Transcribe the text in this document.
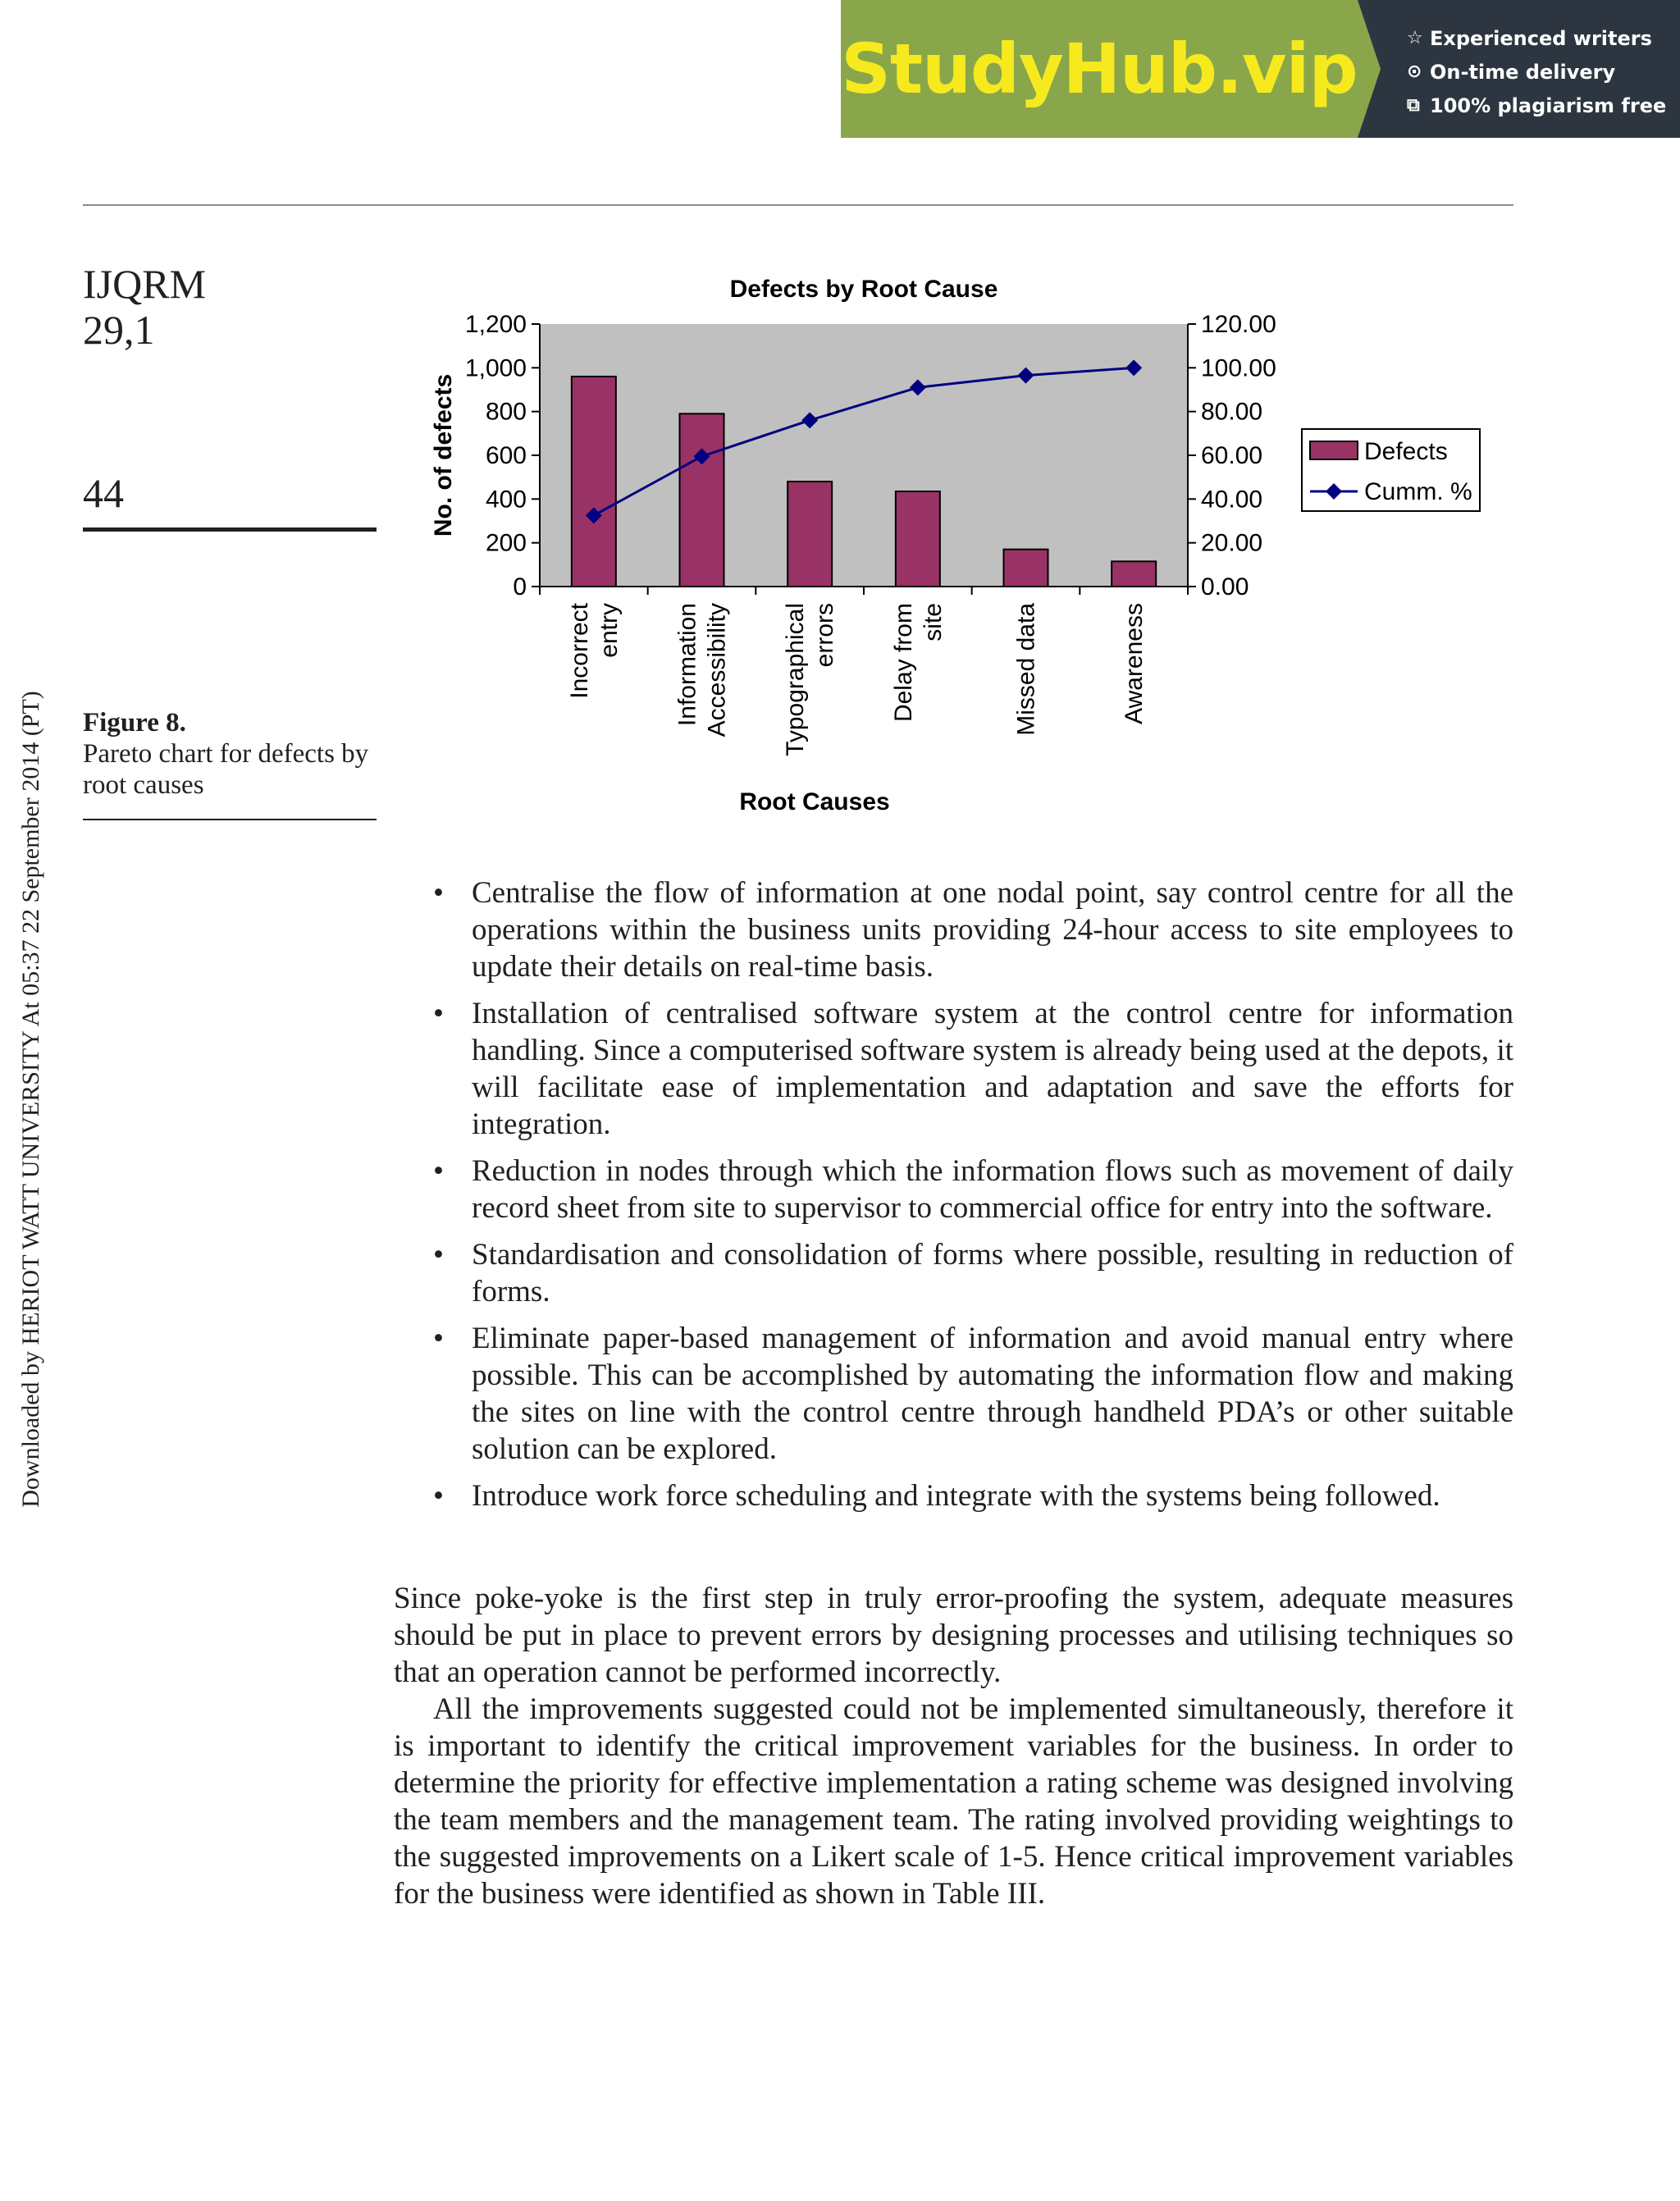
StudyHub.vip	☆ Experienced writers
⊙ On-time delivery
⧉ 100% plagiarism free
IJQRM
29,1
44
Figure 8.
Pareto chart for defects by root causes
Downloaded by HERIOT WATT UNIVERSITY At 05:37 22 September 2014 (PT)
Defects by Root Cause
0
200
400
600
800
1,000
1,200
0.00
20.00
40.00
60.00
80.00
100.00
120.00
Incorrect entry Information Accessibility Typographical errors Delay from site	Missed data	Awareness
No. of defects
Root Causes
Defects
Cumm. %
• Centralise the flow of information at one nodal point, say control centre for all the operations within the business units providing 24-hour access to site employees to update their details on real-time basis.
• Installation of centralised software system at the control centre for information handling. Since a computerised software system is already being used at the depots, it will facilitate ease of implementation and adaptation and save the efforts for integration.
• Reduction in nodes through which the information flows such as movement of daily record sheet from site to supervisor to commercial office for entry into the software.
• Standardisation and consolidation of forms where possible, resulting in reduction of forms.
• Eliminate paper-based management of information and avoid manual entry where possible. This can be accomplished by automating the information flow and making the sites on line with the control centre through handheld PDA’s or other suitable solution can be explored.
• Introduce work force scheduling and integrate with the systems being followed.

Since poke-yoke is the first step in truly error-proofing the system, adequate measures should be put in place to prevent errors by designing processes and utilising techniques so that an operation cannot be performed incorrectly.

All the improvements suggested could not be implemented simultaneously, therefore it is important to identify the critical improvement variables for the business. In order to determine the priority for effective implementation a rating scheme was designed involving the team members and the management team. The rating involved providing weightings to the suggested improvements on a Likert scale of 1-5. Hence critical improvement variables for the business were identified as shown in Table III.
